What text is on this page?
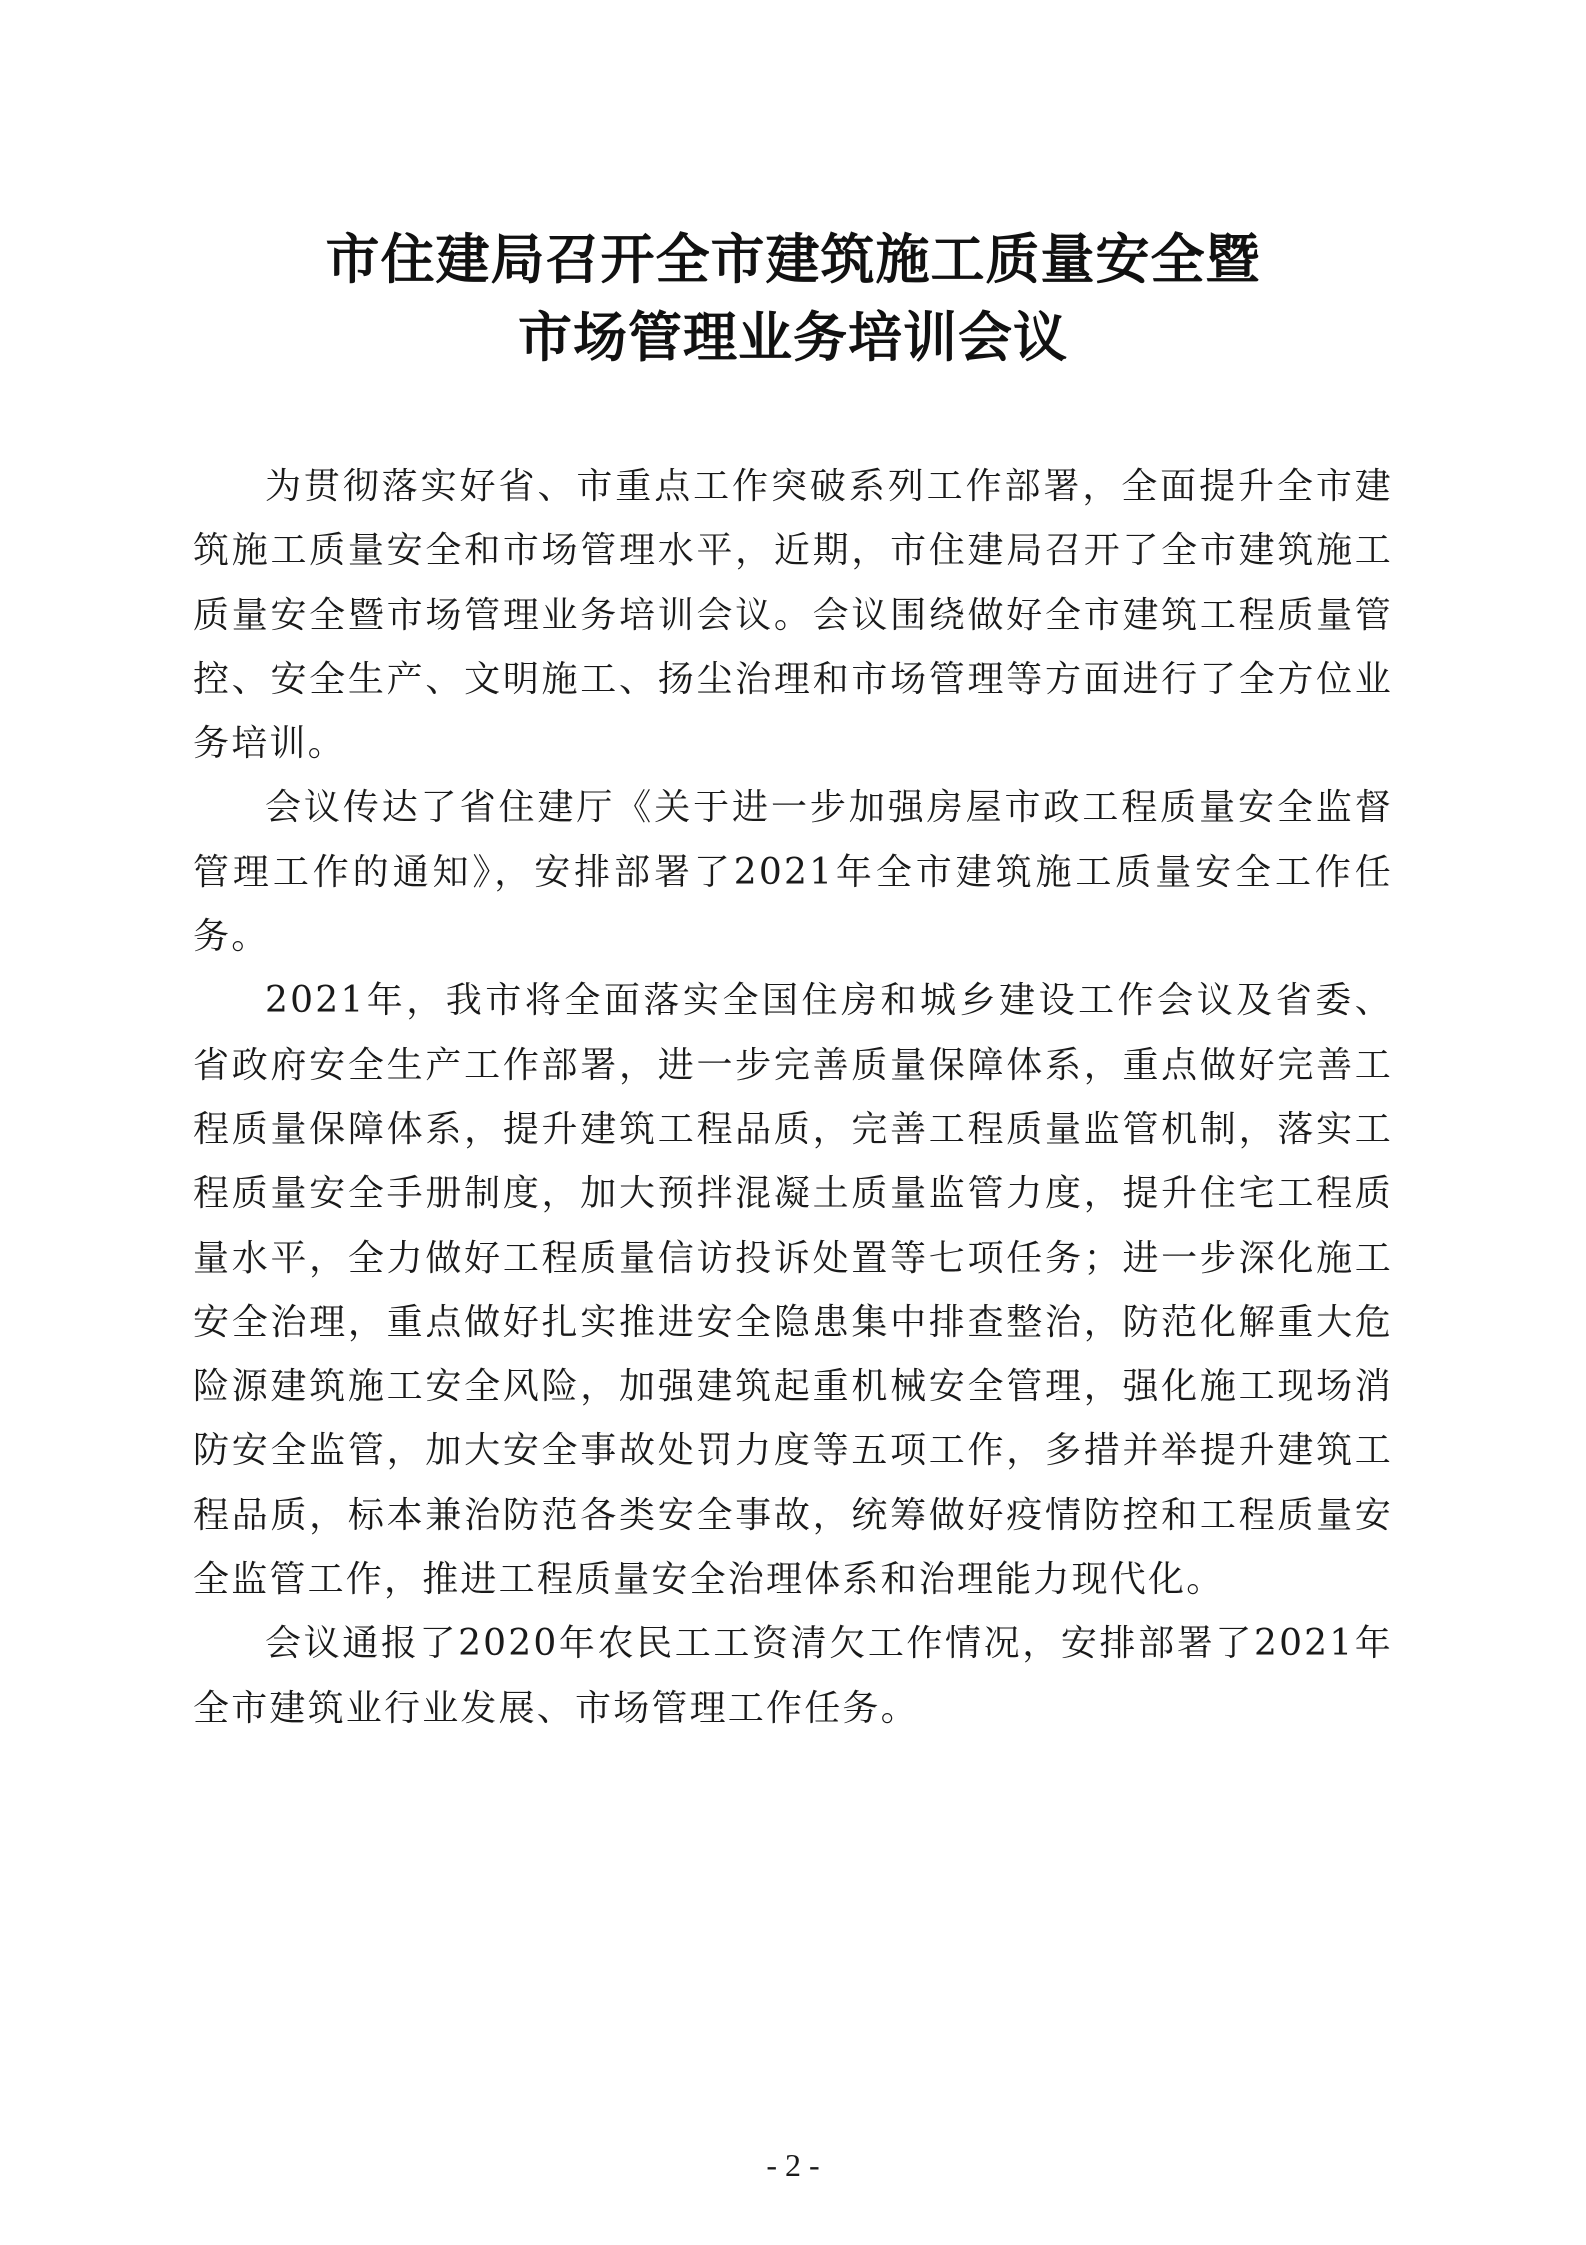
市住建局召开全市建筑施工质量安全暨
市场管理业务培训会议

为贯彻落实好省、市重点工作突破系列工作部署，全面提升全市建筑施工质量安全和市场管理水平，近期，市住建局召开了全市建筑施工质量安全暨市场管理业务培训会议。会议围绕做好全市建筑工程质量管控、安全生产、文明施工、扬尘治理和市场管理等方面进行了全方位业务培训。

会议传达了省住建厅《关于进一步加强房屋市政工程质量安全监督管理工作的通知》，安排部署了2021年全市建筑施工质量安全工作任务。

2021年，我市将全面落实全国住房和城乡建设工作会议及省委、省政府安全生产工作部署，进一步完善质量保障体系，重点做好完善工程质量保障体系，提升建筑工程品质，完善工程质量监管机制，落实工程质量安全手册制度，加大预拌混凝土质量监管力度，提升住宅工程质量水平，全力做好工程质量信访投诉处置等七项任务；进一步深化施工安全治理，重点做好扎实推进安全隐患集中排查整治，防范化解重大危险源建筑施工安全风险，加强建筑起重机械安全管理，强化施工现场消防安全监管，加大安全事故处罚力度等五项工作，多措并举提升建筑工程品质，标本兼治防范各类安全事故，统筹做好疫情防控和工程质量安全监管工作，推进工程质量安全治理体系和治理能力现代化。

会议通报了2020年农民工工资清欠工作情况，安排部署了2021年全市建筑业行业发展、市场管理工作任务。

- 2 -
